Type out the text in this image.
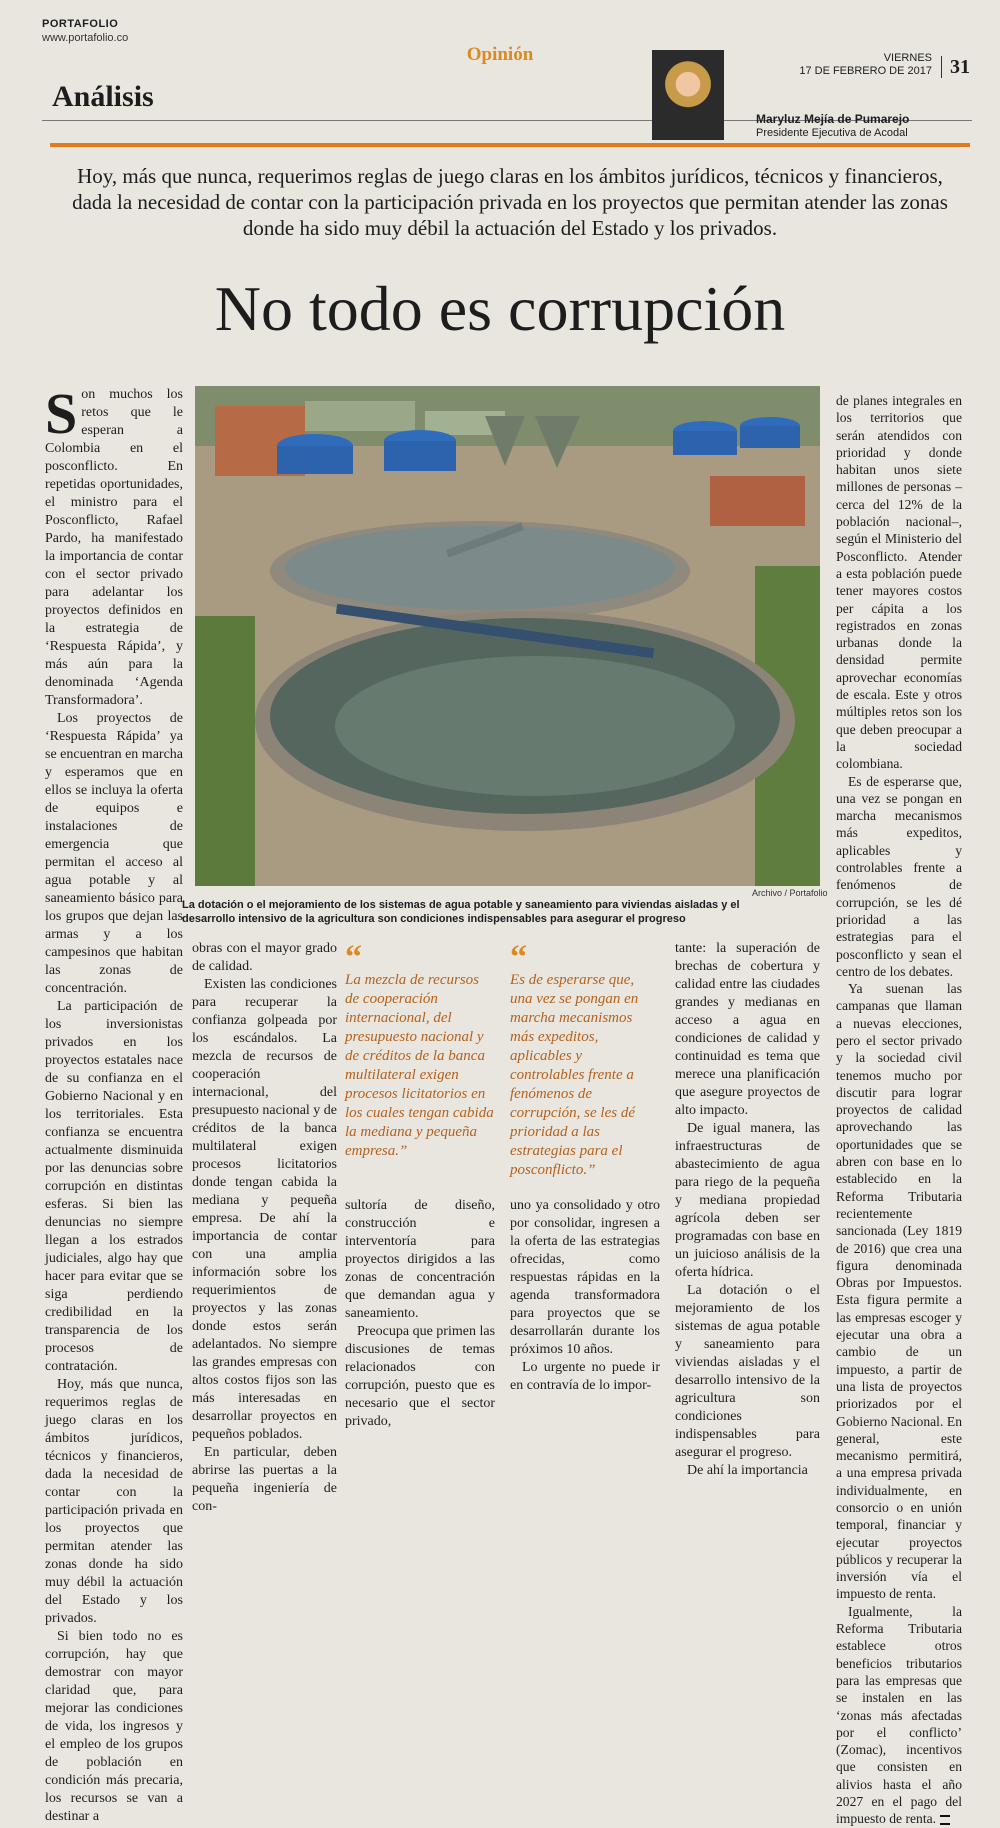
PORTAFOLIO
www.portafolio.co
Opinión	VIERNES
17 DE FEBRERO DE 2017 31
Análisis
Maryluz Mejía de Pumarejo
Presidente Ejecutiva de Acodal
Hoy, más que nunca, requerimos reglas de juego claras en los ámbitos jurídicos, técnicos y financieros, dada la necesidad de contar con la participación privada en los proyectos que permitan atender las zonas donde ha sido muy débil la actuación del Estado y los privados.
No todo es corrupción
Archivo / Portafolio
La dotación o el mejoramiento de los sistemas de agua potable y saneamiento para viviendas aisladas y el desarrollo intensivo de la agricultura son condiciones indispensables para asegurar el progreso

Son muchos los retos que le esperan a Colombia en el posconflicto. En repetidas oportunidades, el ministro para el Posconflicto, Rafael Pardo, ha manifestado la importancia de contar con el sector privado para adelantar los proyectos definidos en la estrategia de ‘Respuesta Rápida’, y más aún para la denominada ‘Agenda Transformadora’.

Los proyectos de ‘Respuesta Rápida’ ya se encuentran en marcha y esperamos que en ellos se incluya la oferta de equipos e instalaciones de emergencia que permitan el acceso al agua potable y al saneamiento básico para los grupos que dejan las armas y a los campesinos que habitan las zonas de concentración.

La participación de los inversionistas privados en los proyectos estatales nace de su confianza en el Gobierno Nacional y en los territoriales. Esta confianza se encuentra actualmente disminuida por las denuncias sobre corrupción en distintas esferas. Si bien las denuncias no siempre llegan a los estrados judiciales, algo hay que hacer para evitar que se siga perdiendo credibilidad en la transparencia de los procesos de contratación.

Hoy, más que nunca, requerimos reglas de juego claras en los ámbitos jurídicos, técnicos y financieros, dada la necesidad de contar con la participación privada en los proyectos que permitan atender las zonas donde ha sido muy débil la actuación del Estado y los privados.

Si bien todo no es corrupción, hay que demostrar con mayor claridad que, para mejorar las condiciones de vida, los ingresos y el empleo de los grupos de población en condición más precaria, los recursos se van a destinar a

obras con el mayor grado de calidad.

Existen las condiciones para recuperar la confianza golpeada por los escándalos. La mezcla de recursos de cooperación internacional, del presupuesto nacional y de créditos de la banca multilateral exigen procesos licitatorios donde tengan cabida la mediana y pequeña empresa. De ahí la importancia de contar con una amplia información sobre los requerimientos de proyectos y las zonas donde estos serán adelantados. No siempre las grandes empresas con altos costos fijos son las más interesadas en desarrollar proyectos en pequeños poblados.

En particular, deben abrirse las puertas a la pequeña ingeniería de con-

“
La mezcla de recursos de cooperación internacional, del presupuesto nacional y de créditos de la banca multilateral exigen procesos licitatorios en los cuales tengan cabida la mediana y pequeña empresa.”
“
Es de esperarse que, una vez se pongan en marcha mecanismos más expeditos, aplicables y controlables frente a fenómenos de corrupción, se les dé prioridad a las estrategias para el posconflicto.”

sultoría de diseño, construcción e interventoría para proyectos dirigidos a las zonas de concentración que demandan agua y saneamiento.

Preocupa que primen las discusiones de temas relacionados con corrupción, puesto que es necesario que el sector privado,

uno ya consolidado y otro por consolidar, ingresen a la oferta de las estrategias ofrecidas, como respuestas rápidas en la agenda transformadora para proyectos que se desarrollarán durante los próximos 10 años.

Lo urgente no puede ir en contravía de lo impor-

tante: la superación de brechas de cobertura y calidad entre las ciudades grandes y medianas en acceso a agua en condiciones de calidad y continuidad es tema que merece una planificación que asegure proyectos de alto impacto.

De igual manera, las infraestructuras de abastecimiento de agua para riego de la pequeña y mediana propiedad agrícola deben ser programadas con base en un juicioso análisis de la oferta hídrica.

La dotación o el mejoramiento de los sistemas de agua potable y saneamiento para viviendas aisladas y el desarrollo intensivo de la agricultura son condiciones indispensables para asegurar el progreso.

De ahí la importancia

de planes integrales en los territorios que serán atendidos con prioridad y donde habitan unos siete millones de personas –cerca del 12% de la población nacional–, según el Ministerio del Posconflicto. Atender a esta población puede tener mayores costos per cápita a los registrados en zonas urbanas donde la densidad permite aprovechar economías de escala. Este y otros múltiples retos son los que deben preocupar a la sociedad colombiana.

Es de esperarse que, una vez se pongan en marcha mecanismos más expeditos, aplicables y controlables frente a fenómenos de corrupción, se les dé prioridad a las estrategias para el posconflicto y sean el centro de los debates.

Ya suenan las campanas que llaman a nuevas elecciones, pero el sector privado y la sociedad civil tenemos mucho por discutir para lograr proyectos de calidad aprovechando las oportunidades que se abren con base en lo establecido en la Reforma Tributaria recientemente sancionada (Ley 1819 de 2016) que crea una figura denominada Obras por Impuestos. Esta figura permite a las empresas escoger y ejecutar una obra a cambio de un impuesto, a partir de una lista de proyectos priorizados por el Gobierno Nacional. En general, este mecanismo permitirá, a una empresa privada individualmente, en consorcio o en unión temporal, financiar y ejecutar proyectos públicos y recuperar la inversión vía el impuesto de renta.

Igualmente, la Reforma Tributaria establece otros beneficios tributarios para las empresas que se instalen en las ‘zonas más afectadas por el conflicto’ (Zomac), incentivos que consisten en alivios hasta el año 2027 en el pago del impuesto de renta.
